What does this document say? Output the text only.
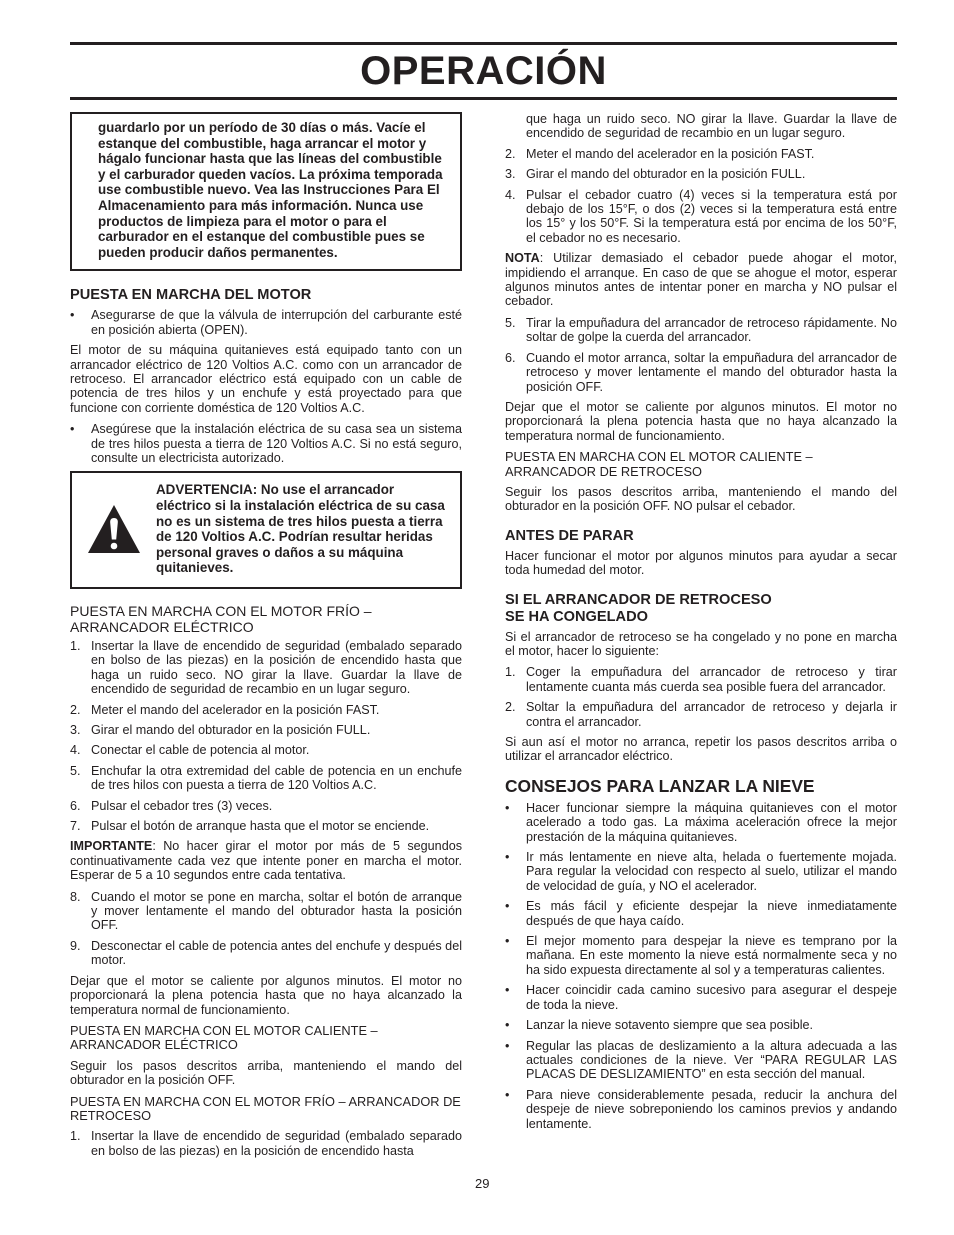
OPERACIÓN

guardarlo por un período de 30 días o más. Vacíe el estanque del combustible, haga arrancar el motor y hágalo funcionar hasta que las líneas del combustible y el carburador queden vacíos. La próxima temporada use combustible nuevo. Vea las Instrucciones Para El Almacenamiento para más información. Nunca use productos de limpieza para el motor o para el carburador en el estanque del combustible pues se pueden producir daños permanentes.

PUESTA EN MARCHA DEL MOTOR
• Asegurarse de que la válvula de interrupción del carburante esté en posición abierta (OPEN).

El motor de su máquina quitanieves está equipado tanto con un arrancador eléctrico de 120 Voltios A.C. como con un arrancador de retroceso. El arrancador eléctrico está equipado con un cable de potencia de tres hilos y un enchufe y está proyectado para que funcione con corriente doméstica de 120 Voltios A.C.

• Asegúrese que la instalación eléctrica de su casa sea un sistema de tres hilos puesta a tierra de 120 Voltios A.C. Si no está seguro, consulte un electricista autorizado.

ADVERTENCIA: No use el arrancador eléctrico si la instalación eléctrica de su casa no es un sistema de tres hilos puesta a tierra de 120 Voltios A.C. Podrían resultar heridas personal graves o daños a su máquina quitanieves.

PUESTA EN MARCHA CON EL MOTOR FRÍO – ARRANCADOR ELÉCTRICO
1. Insertar la llave de encendido de seguridad (embalado separado en bolso de las piezas) en la posición de encendido hasta que haga un ruido seco. NO girar la llave. Guardar la llave de encendido de seguridad de recambio en un lugar seguro.
2. Meter el mando del acelerador en la posición FAST.
3. Girar el mando del obturador en la posición FULL.
4. Conectar el cable de potencia al motor.
5. Enchufar la otra extremidad del cable de potencia en un enchufe de tres hilos con puesta a tierra de 120 Voltios A.C.
6. Pulsar el cebador tres (3) veces.
7. Pulsar el botón de arranque hasta que el motor se enciende.

IMPORTANTE: No hacer girar el motor por más de 5 segundos continuativamente cada vez que intente poner en marcha el motor. Esperar de 5 a 10 segundos entre cada tentativa.

8. Cuando el motor se pone en marcha, soltar el botón de arranque y mover lentamente el mando del obturador hasta la posición OFF.
9. Desconectar el cable de potencia antes del enchufe y después del motor.

Dejar que el motor se caliente por algunos minutos. El motor no proporcionará la plena potencia hasta que no haya alcanzado la temperatura normal de funcionamiento.

PUESTA EN MARCHA CON EL MOTOR CALIENTE – ARRANCADOR ELÉCTRICO

Seguir los pasos descritos arriba, manteniendo el mando del obturador en la posición OFF.

PUESTA EN MARCHA CON EL MOTOR FRÍO – ARRANCADOR DE RETROCESO
1. Insertar la llave de encendido de seguridad (embalado separado en bolso de las piezas) en la posición de encendido hasta
que haga un ruido seco. NO girar la llave. Guardar la llave de encendido de seguridad de recambio en un lugar seguro.
2. Meter el mando del acelerador en la posición FAST.
3. Girar el mando del obturador en la posición FULL.
4. Pulsar el cebador cuatro (4) veces si la temperatura está por debajo de los 15°F, o dos (2) veces si la temperatura está entre los 15° y los 50°F. Si la temperatura está por encima de los 50°F, el cebador no es necesario.

NOTA: Utilizar demasiado el cebador puede ahogar el motor, impidiendo el arranque. En caso de que se ahogue el motor, esperar algunos minutos antes de intentar poner en marcha y NO pulsar el cebador.

5. Tirar la empuñadura del arrancador de retroceso rápidamente. No soltar de golpe la cuerda del arrancador.
6. Cuando el motor arranca, soltar la empuñadura del arrancador de retroceso y mover lentamente el mando del obturador hasta la posición OFF.

Dejar que el motor se caliente por algunos minutos. El motor no proporcionará la plena potencia hasta que no haya alcanzado la temperatura normal de funcionamiento.

PUESTA EN MARCHA CON EL MOTOR CALIENTE – ARRANCADOR DE RETROCESO

Seguir los pasos descritos arriba, manteniendo el mando del obturador en la posición OFF. NO pulsar el cebador.

ANTES DE PARAR

Hacer funcionar el motor por algunos minutos para ayudar a secar toda humedad del motor.

SI EL ARRANCADOR DE RETROCESO
SE HA CONGELADO

Si el arrancador de retroceso se ha congelado y no pone en marcha el motor, hacer lo siguiente:

1. Coger la empuñadura del arrancador de retroceso y tirar lentamente cuanta más cuerda sea posible fuera del arrancador.
2. Soltar la empuñadura del arrancador de retroceso y dejarla ir contra el arrancador.

Si aun así el motor no arranca, repetir los pasos descritos arriba o utilizar el arrancador eléctrico.

CONSEJOS PARA LANZAR LA NIEVE
• Hacer funcionar siempre la máquina quitanieves con el motor acelerado a todo gas. La máxima aceleración ofrece la mejor prestación de la máquina quitanieves.
• Ir más lentamente en nieve alta, helada o fuertemente mojada. Para regular la velocidad con respecto al suelo, utilizar el mando de velocidad de guía, y NO el acelerador.
• Es más fácil y eficiente despejar la nieve inmediatamente después de que haya caído.
• El mejor momento para despejar la nieve es temprano por la mañana. En este momento la nieve está normalmente seca y no ha sido expuesta directamente al sol y a temperaturas calientes.
• Hacer coincidir cada camino sucesivo para asegurar el despeje de toda la nieve.
• Lanzar la nieve sotavento siempre que sea posible.
• Regular las placas de deslizamiento a la altura adecuada a las actuales condiciones de la nieve. Ver “PARA REGULAR LAS PLACAS DE DESLIZAMIENTO” en esta sección del manual.
• Para nieve considerablemente pesada, reducir la anchura del despeje de nieve sobreponiendo los caminos previos y andando lentamente.
29
